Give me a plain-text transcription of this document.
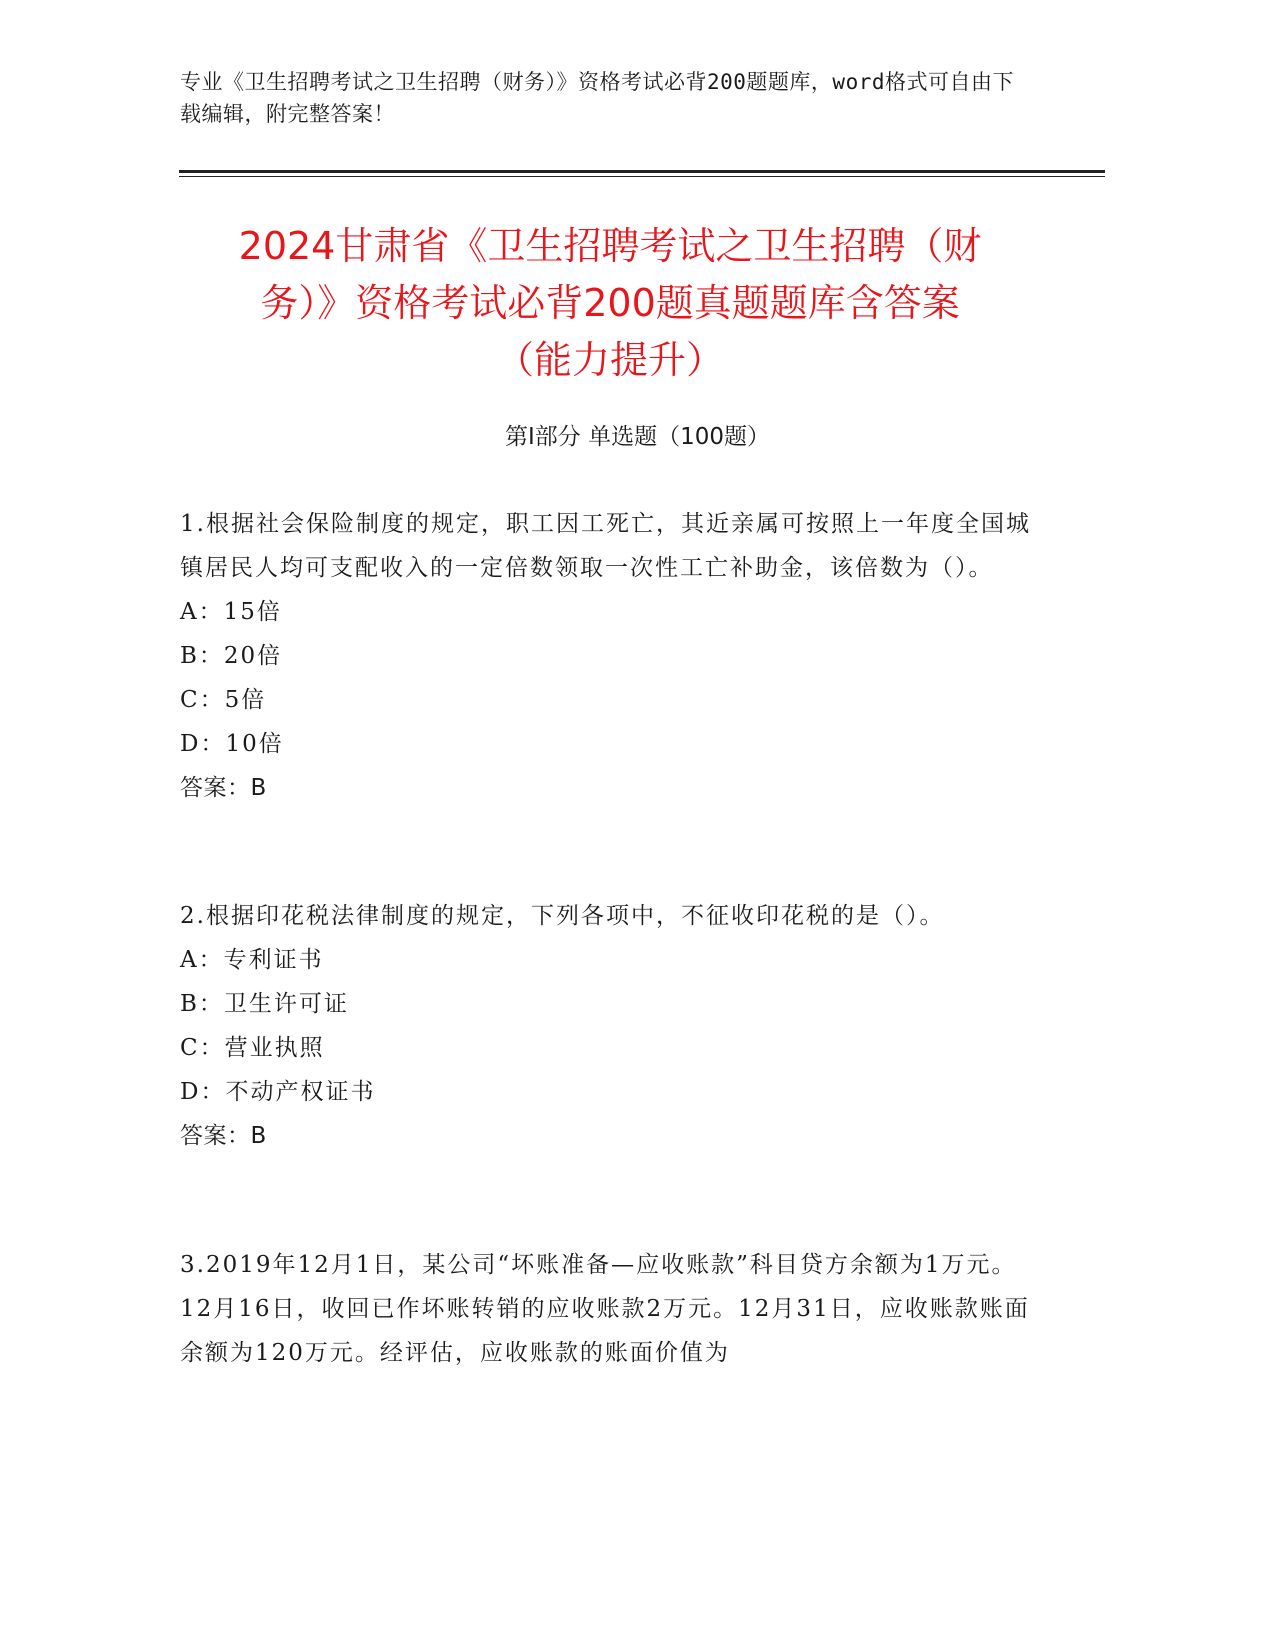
专业《卫生招聘考试之卫生招聘（财务）》资格考试必背200题题库，word格式可自由下载编辑，附完整答案！
2024甘肃省《卫生招聘考试之卫生招聘（财
务）》资格考试必背200题真题题库含答案
（能力提升）
第I部分 单选题（100题）
1.根据社会保险制度的规定，职工因工死亡，其近亲属可按照上一年度全国城镇居民人均可支配收入的一定倍数领取一次性工亡补助金，该倍数为（）。
A：15倍
B：20倍
C：5倍
D：10倍
答案：B
2.根据印花税法律制度的规定，下列各项中，不征收印花税的是（）。
A：专利证书
B：卫生许可证
C：营业执照
D：不动产权证书
答案：B
3.2019年12月1日，某公司“坏账准备—应收账款”科目贷方余额为1万元。12月16日，收回已作坏账转销的应收账款2万元。12月31日，应收账款账面余额为120万元。经评估，应收账款的账面价值为
